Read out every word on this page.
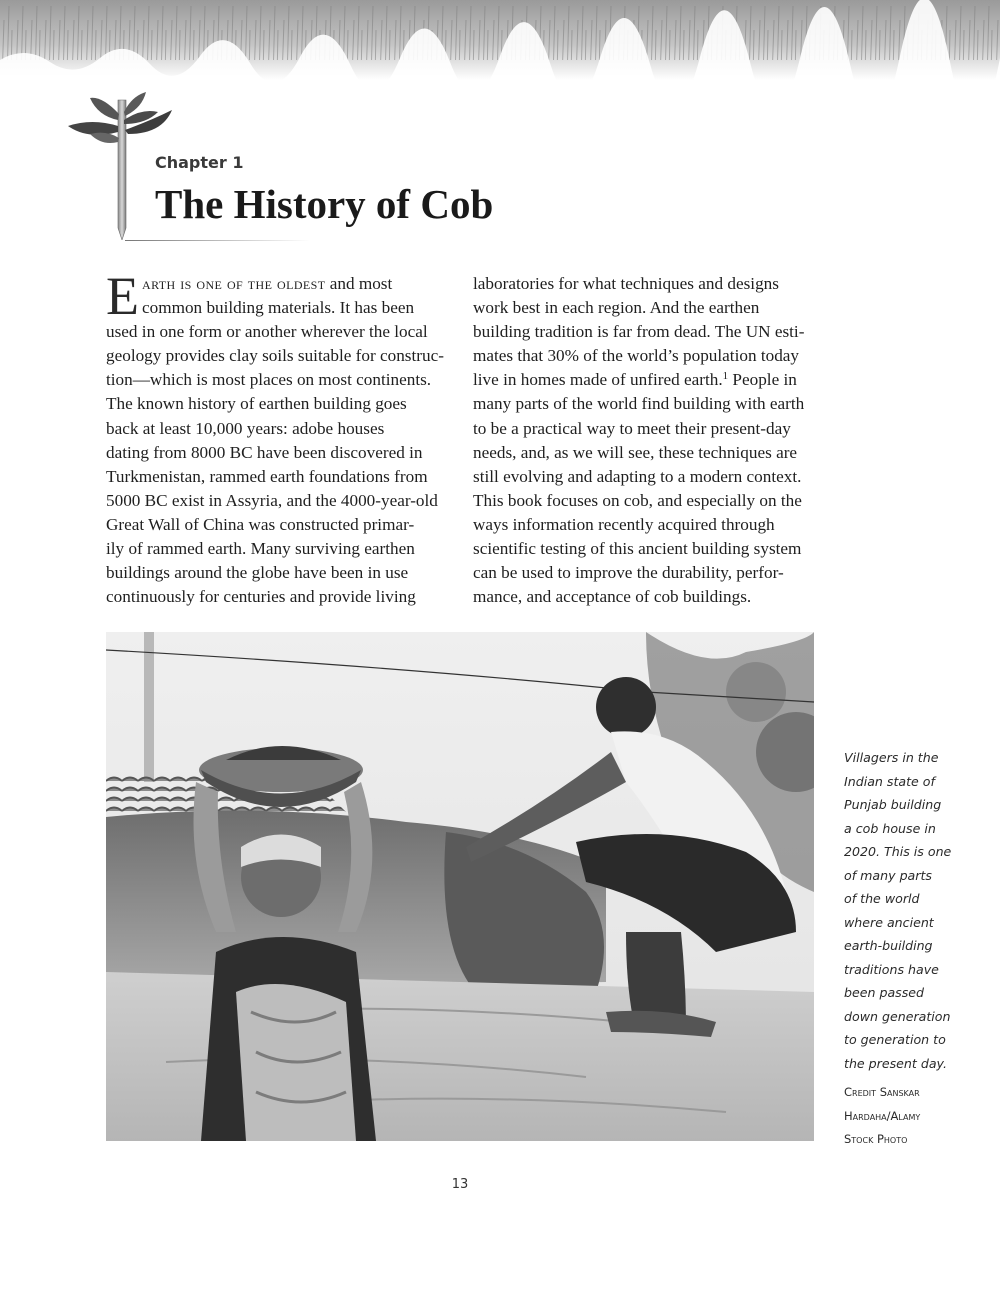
Chapter 1
The History of Cob
E arth is one of the oldest and most
common building materials. It has been
used in one form or another wherever the local
geology provides clay soils suitable for construc-
tion—which is most places on most continents.
The known history of earthen building goes
back at least 10,000 years: adobe houses
dating from 8000 BC have been discovered in
Turkmenistan, rammed earth foundations from
5000 BC exist in Assyria, and the 4000-year-old
Great Wall of China was constructed primar-
ily of rammed earth. Many surviving earthen
buildings around the globe have been in use
continuously for centuries and provide living
laboratories for what techniques and designs
work best in each region. And the earthen
building tradition is far from dead. The UN esti-
mates that 30% of the world’s population today
live in homes made of unfired earth.$^1$ People in
many parts of the world find building with earth
to be a practical way to meet their present-day
needs, and, as we will see, these techniques are
still evolving and adapting to a modern context.
This book focuses on cob, and especially on the
ways information recently acquired through
scientific testing of this ancient building system
can be used to improve the durability, perfor-
mance, and acceptance of cob buildings.
Villagers in the
Indian state of
Punjab building
a cob house in
2020. This is one
of many parts
of the world
where ancient
earth-building
traditions have
been passed
down generation
to generation to
the present day.
Credit Sanskar
Hardaha/Alamy
Stock Photo
13
